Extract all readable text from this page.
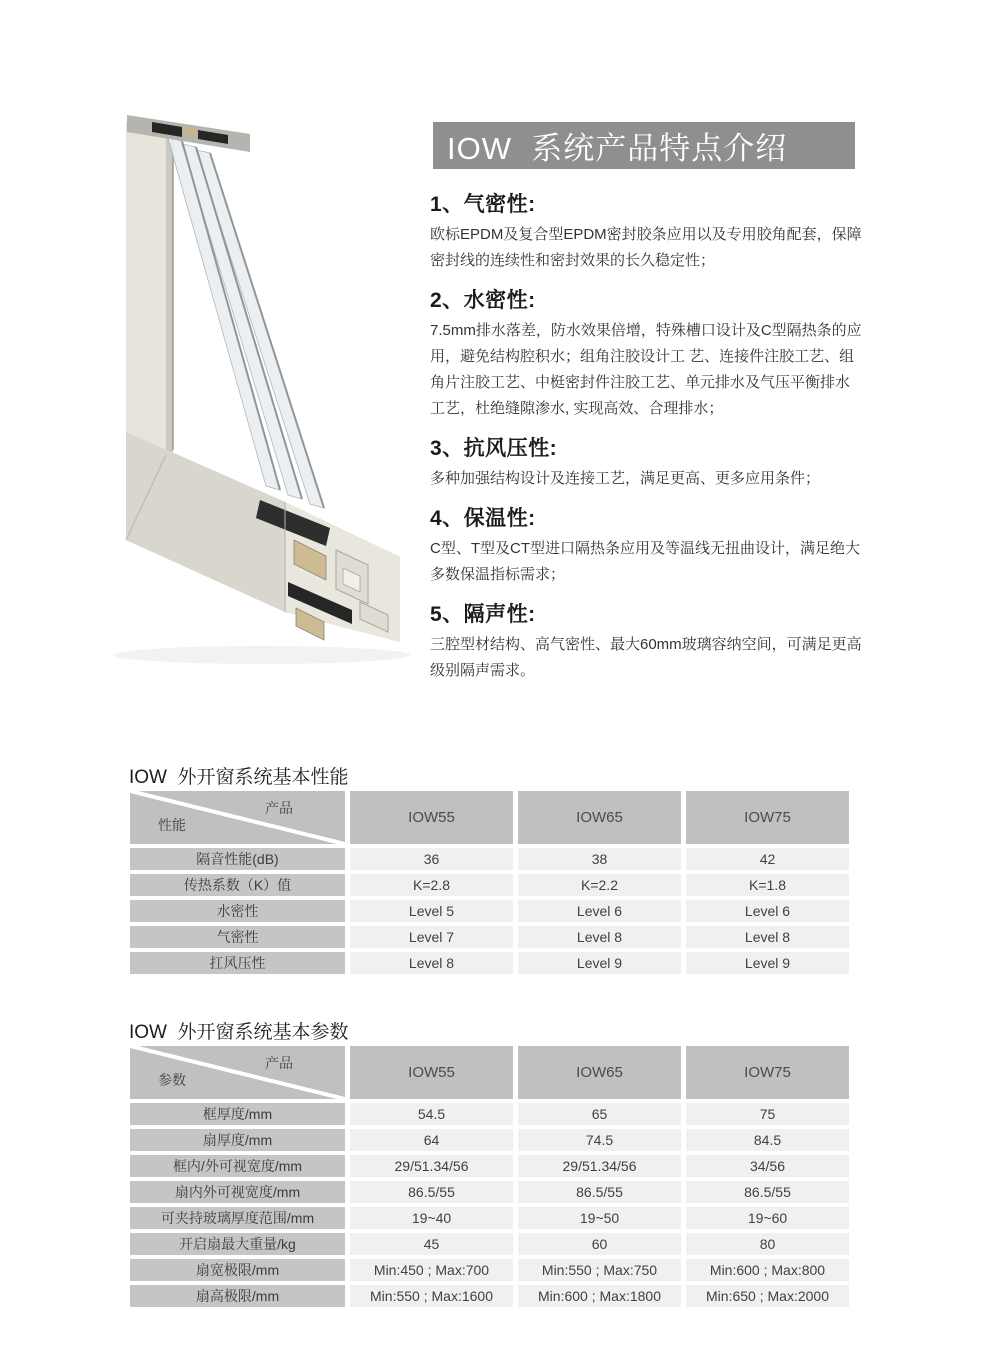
IOW  系统产品特点介绍
1、气密性:

欧标EPDM及复合型EPDM密封胶条应用以及专用胶角配套，保障密封线的连续性和密封效果的长久稳定性；

2、水密性:

7.5mm排水落差，防水效果倍增，特殊槽口设计及C型隔热条的应用，避免结构腔积水；组角注胶设计工 艺、连接件注胶工艺、组角片注胶工艺、中梃密封件注胶工艺、单元排水及气压平衡排水工艺，杜绝缝隙渗水, 实现高效、合理排水；

3、抗风压性:

多种加强结构设计及连接工艺，满足更高、更多应用条件；

4、保温性:

C型、T型及CT型进口隔热条应用及等温线无扭曲设计，满足绝大多数保温指标需求；

5、隔声性:

三腔型材结构、高气密性、最大60mm玻璃容纳空间，可满足更高级别隔声需求。

IOW  外开窗系统基本性能
产品
性能	IOW55	IOW65	IOW75
隔音性能(dB)	36	38	42
传热系数（K）值	K=2.8	K=2.2	K=1.8
水密性	Level 5	Level 6	Level 6
气密性	Level 7	Level 8	Level 8
扛风压性	Level 8	Level 9	Level 9
IOW  外开窗系统基本参数
产品
参数	IOW55	IOW65	IOW75
框厚度/mm	54.5	65	75
扇厚度/mm	64	74.5	84.5
框内/外可视宽度/mm	29/51.34/56	29/51.34/56	34/56
扇内外可视宽度/mm	86.5/55	86.5/55	86.5/55
可夹持玻璃厚度范围/mm	19~40	19~50	19~60
开启扇最大重量/kg	45	60	80
扇宽极限/mm	Min:450 ; Max:700	Min:550 ; Max:750	Min:600 ; Max:800
扇高极限/mm	Min:550 ; Max:1600	Min:600 ; Max:1800	Min:650 ; Max:2000
